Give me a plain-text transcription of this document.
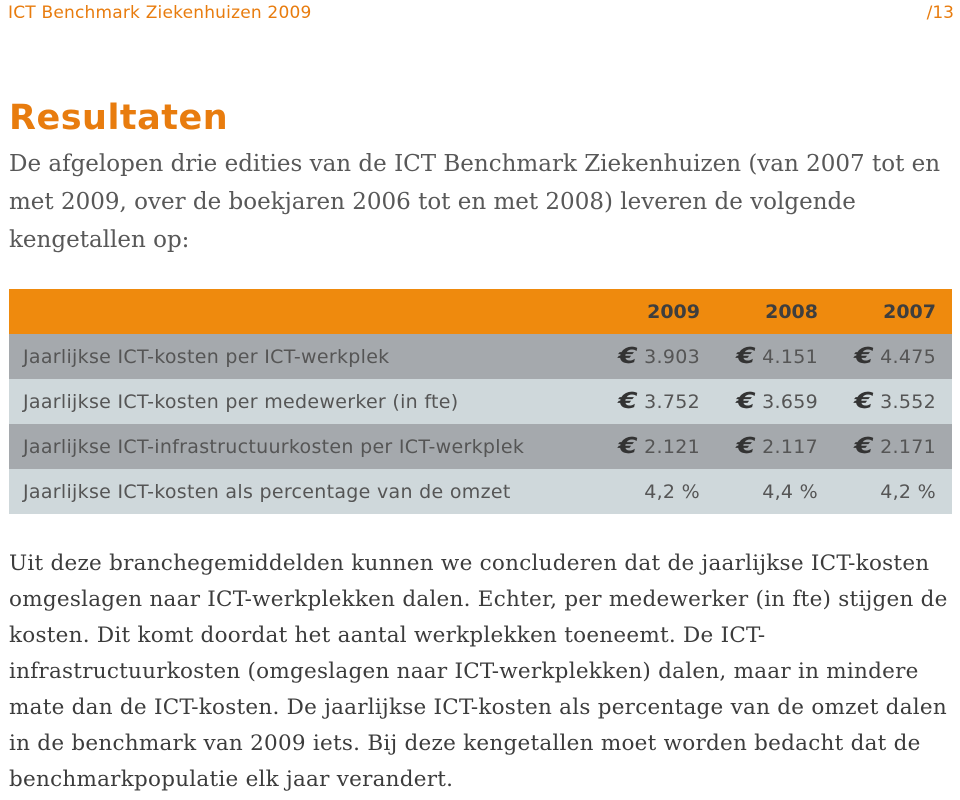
ICT Benchmark Ziekenhuizen 2009	/13
Resultaten

De afgelopen drie edities van de ICT Benchmark Ziekenhuizen (van 2007 tot en met 2009, over de boekjaren 2006 tot en met 2008) leveren de volgende kengetallen op:

	2009	2008	2007
Jaarlijkse ICT-kosten per ICT-werkplek	€ 3.903	€ 4.151	€ 4.475
Jaarlijkse ICT-kosten per medewerker (in fte)	€ 3.752	€ 3.659	€ 3.552
Jaarlijkse ICT-infrastructuurkosten per ICT-werkplek	€ 2.121	€ 2.117	€ 2.171
Jaarlijkse ICT-kosten als percentage van de omzet	4,2 %	4,4 %	4,2 %

Uit deze branchegemiddelden kunnen we concluderen dat de jaarlijkse ICT-kosten omgeslagen naar ICT-werkplekken dalen. Echter, per medewerker (in fte) stijgen de kosten. Dit komt doordat het aantal werkplekken toeneemt. De ICT-infrastructuurkosten (omgeslagen naar ICT-werkplekken) dalen, maar in mindere mate dan de ICT-kosten. De jaarlijkse ICT-kosten als percentage van de omzet dalen in de benchmark van 2009 iets. Bij deze kengetallen moet worden bedacht dat de benchmarkpopulatie elk jaar verandert.
